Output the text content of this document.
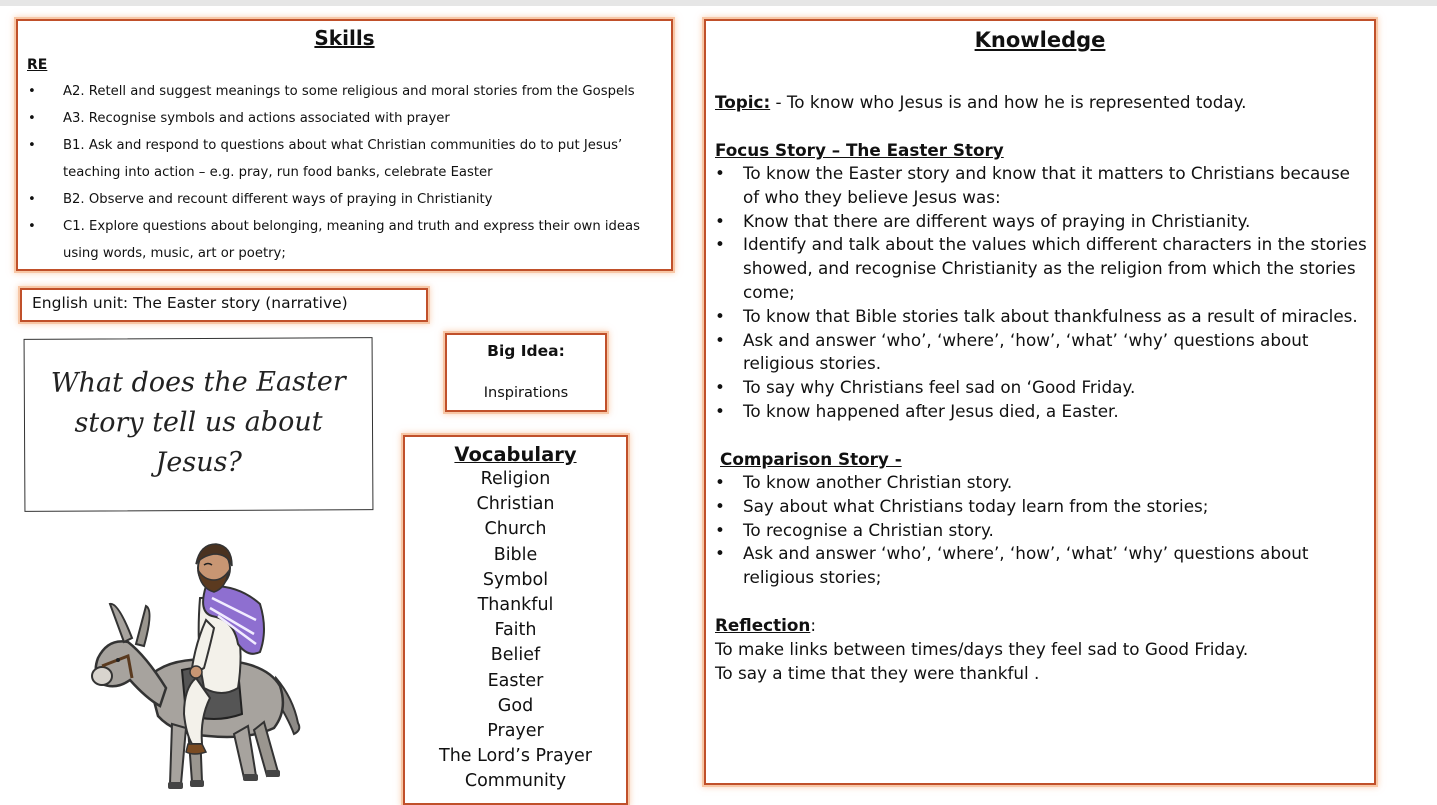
Skills
RE
• A2. Retell and suggest meanings to some religious and moral stories from the Gospels
• A3. Recognise symbols and actions associated with prayer
• B1. Ask and respond to questions about what Christian communities do to put Jesus’ teaching into action – e.g. pray, run food banks, celebrate Easter
• B2. Observe and recount different ways of praying in Christianity
• C1. Explore questions about belonging, meaning and truth and express their own ideas using words, music, art or poetry;
English unit: The Easter story (narrative)
What does the Easter
story tell us about
Jesus?
Big Idea:
Inspirations
Vocabulary
Religion
Christian
Church
Bible
Symbol
Thankful
Faith
Belief
Easter
God
Prayer
The Lord’s Prayer
Community
Knowledge
Topic: - To know who Jesus is and how he is represented today.
Focus Story – The Easter Story
• To know the Easter story and know that it matters to Christians because of who they believe Jesus was:
• Know that there are different ways of praying in Christianity.
• Identify and talk about the values which different characters in the stories showed, and recognise Christianity as the religion from which the stories come;
• To know that Bible stories talk about thankfulness as a result of miracles.
• Ask and answer ‘who’, ‘where’, ‘how’, ‘what’ ‘why’ questions about religious stories.
• To say why Christians feel sad on ‘Good Friday.
• To know happened after Jesus died, a Easter.
Comparison Story -
• To know another Christian story.
• Say about what Christians today learn from the stories;
• To recognise a Christian story.
• Ask and answer ‘who’, ‘where’, ‘how’, ‘what’ ‘why’ questions about religious stories;
Reflection:
To make links between times/days they feel sad to Good Friday.
To say a time that they were thankful .
